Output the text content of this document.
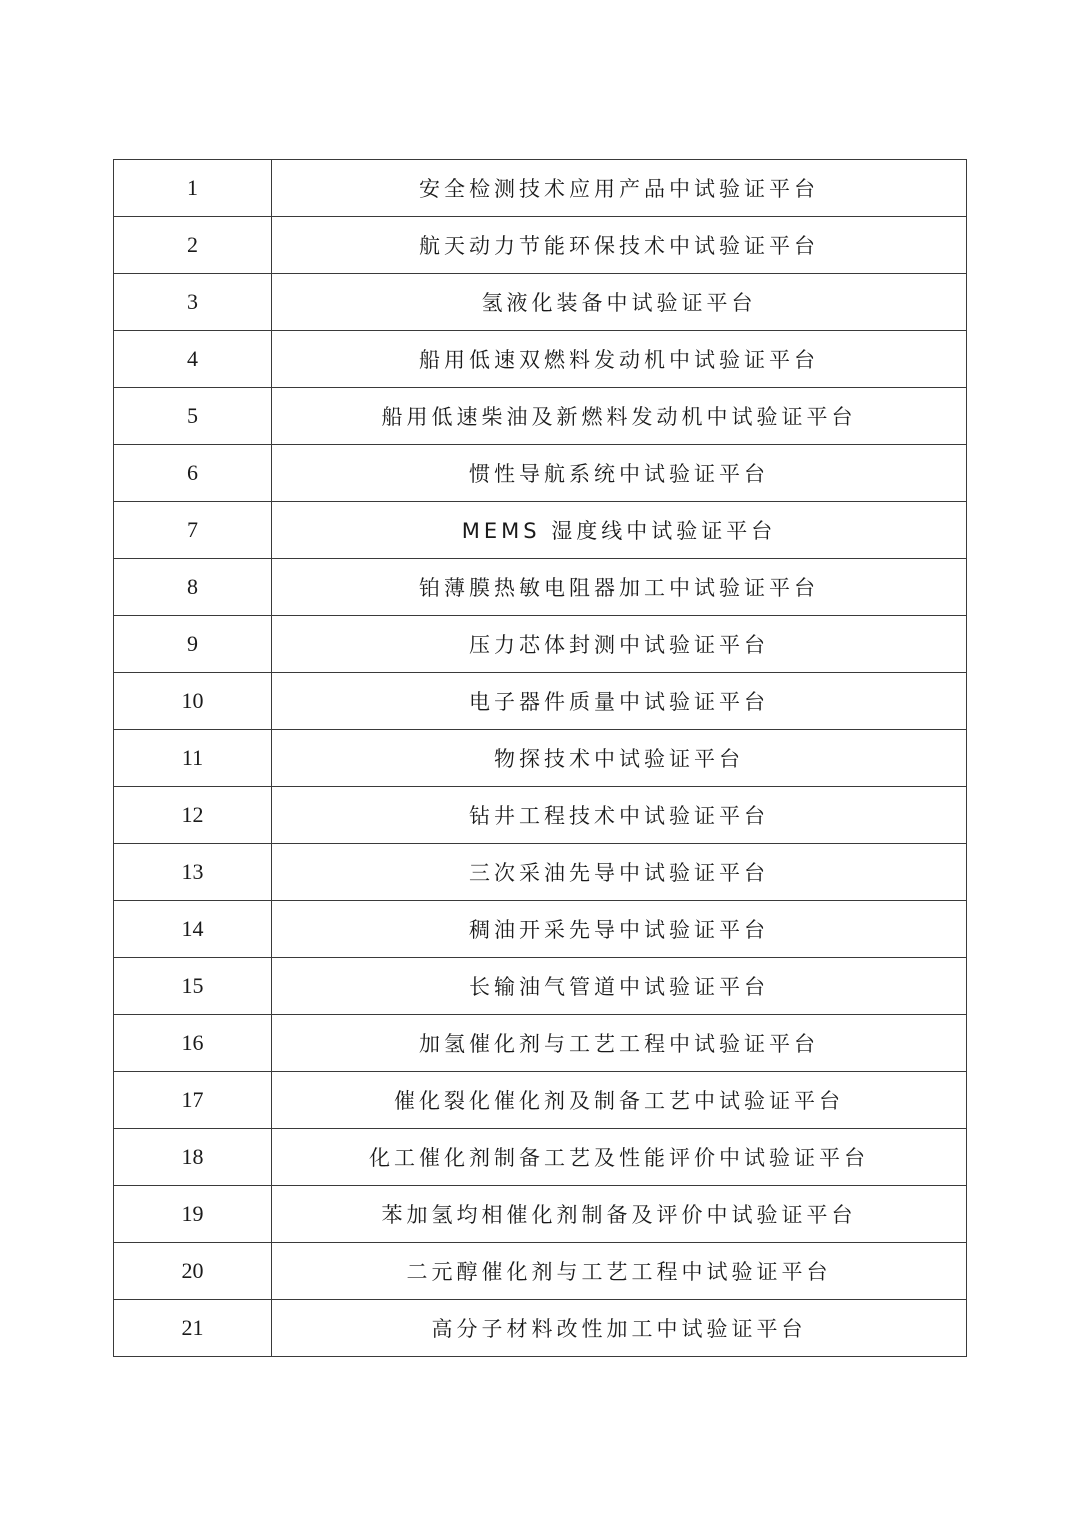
1	安全检测技术应用产品中试验证平台
2	航天动力节能环保技术中试验证平台
3	氢液化装备中试验证平台
4	船用低速双燃料发动机中试验证平台
5	船用低速柴油及新燃料发动机中试验证平台
6	惯性导航系统中试验证平台
7	MEMS 湿度线中试验证平台
8	铂薄膜热敏电阻器加工中试验证平台
9	压力芯体封测中试验证平台
10	电子器件质量中试验证平台
11	物探技术中试验证平台
12	钻井工程技术中试验证平台
13	三次采油先导中试验证平台
14	稠油开采先导中试验证平台
15	长输油气管道中试验证平台
16	加氢催化剂与工艺工程中试验证平台
17	催化裂化催化剂及制备工艺中试验证平台
18	化工催化剂制备工艺及性能评价中试验证平台
19	苯加氢均相催化剂制备及评价中试验证平台
20	二元醇催化剂与工艺工程中试验证平台
21	高分子材料改性加工中试验证平台
